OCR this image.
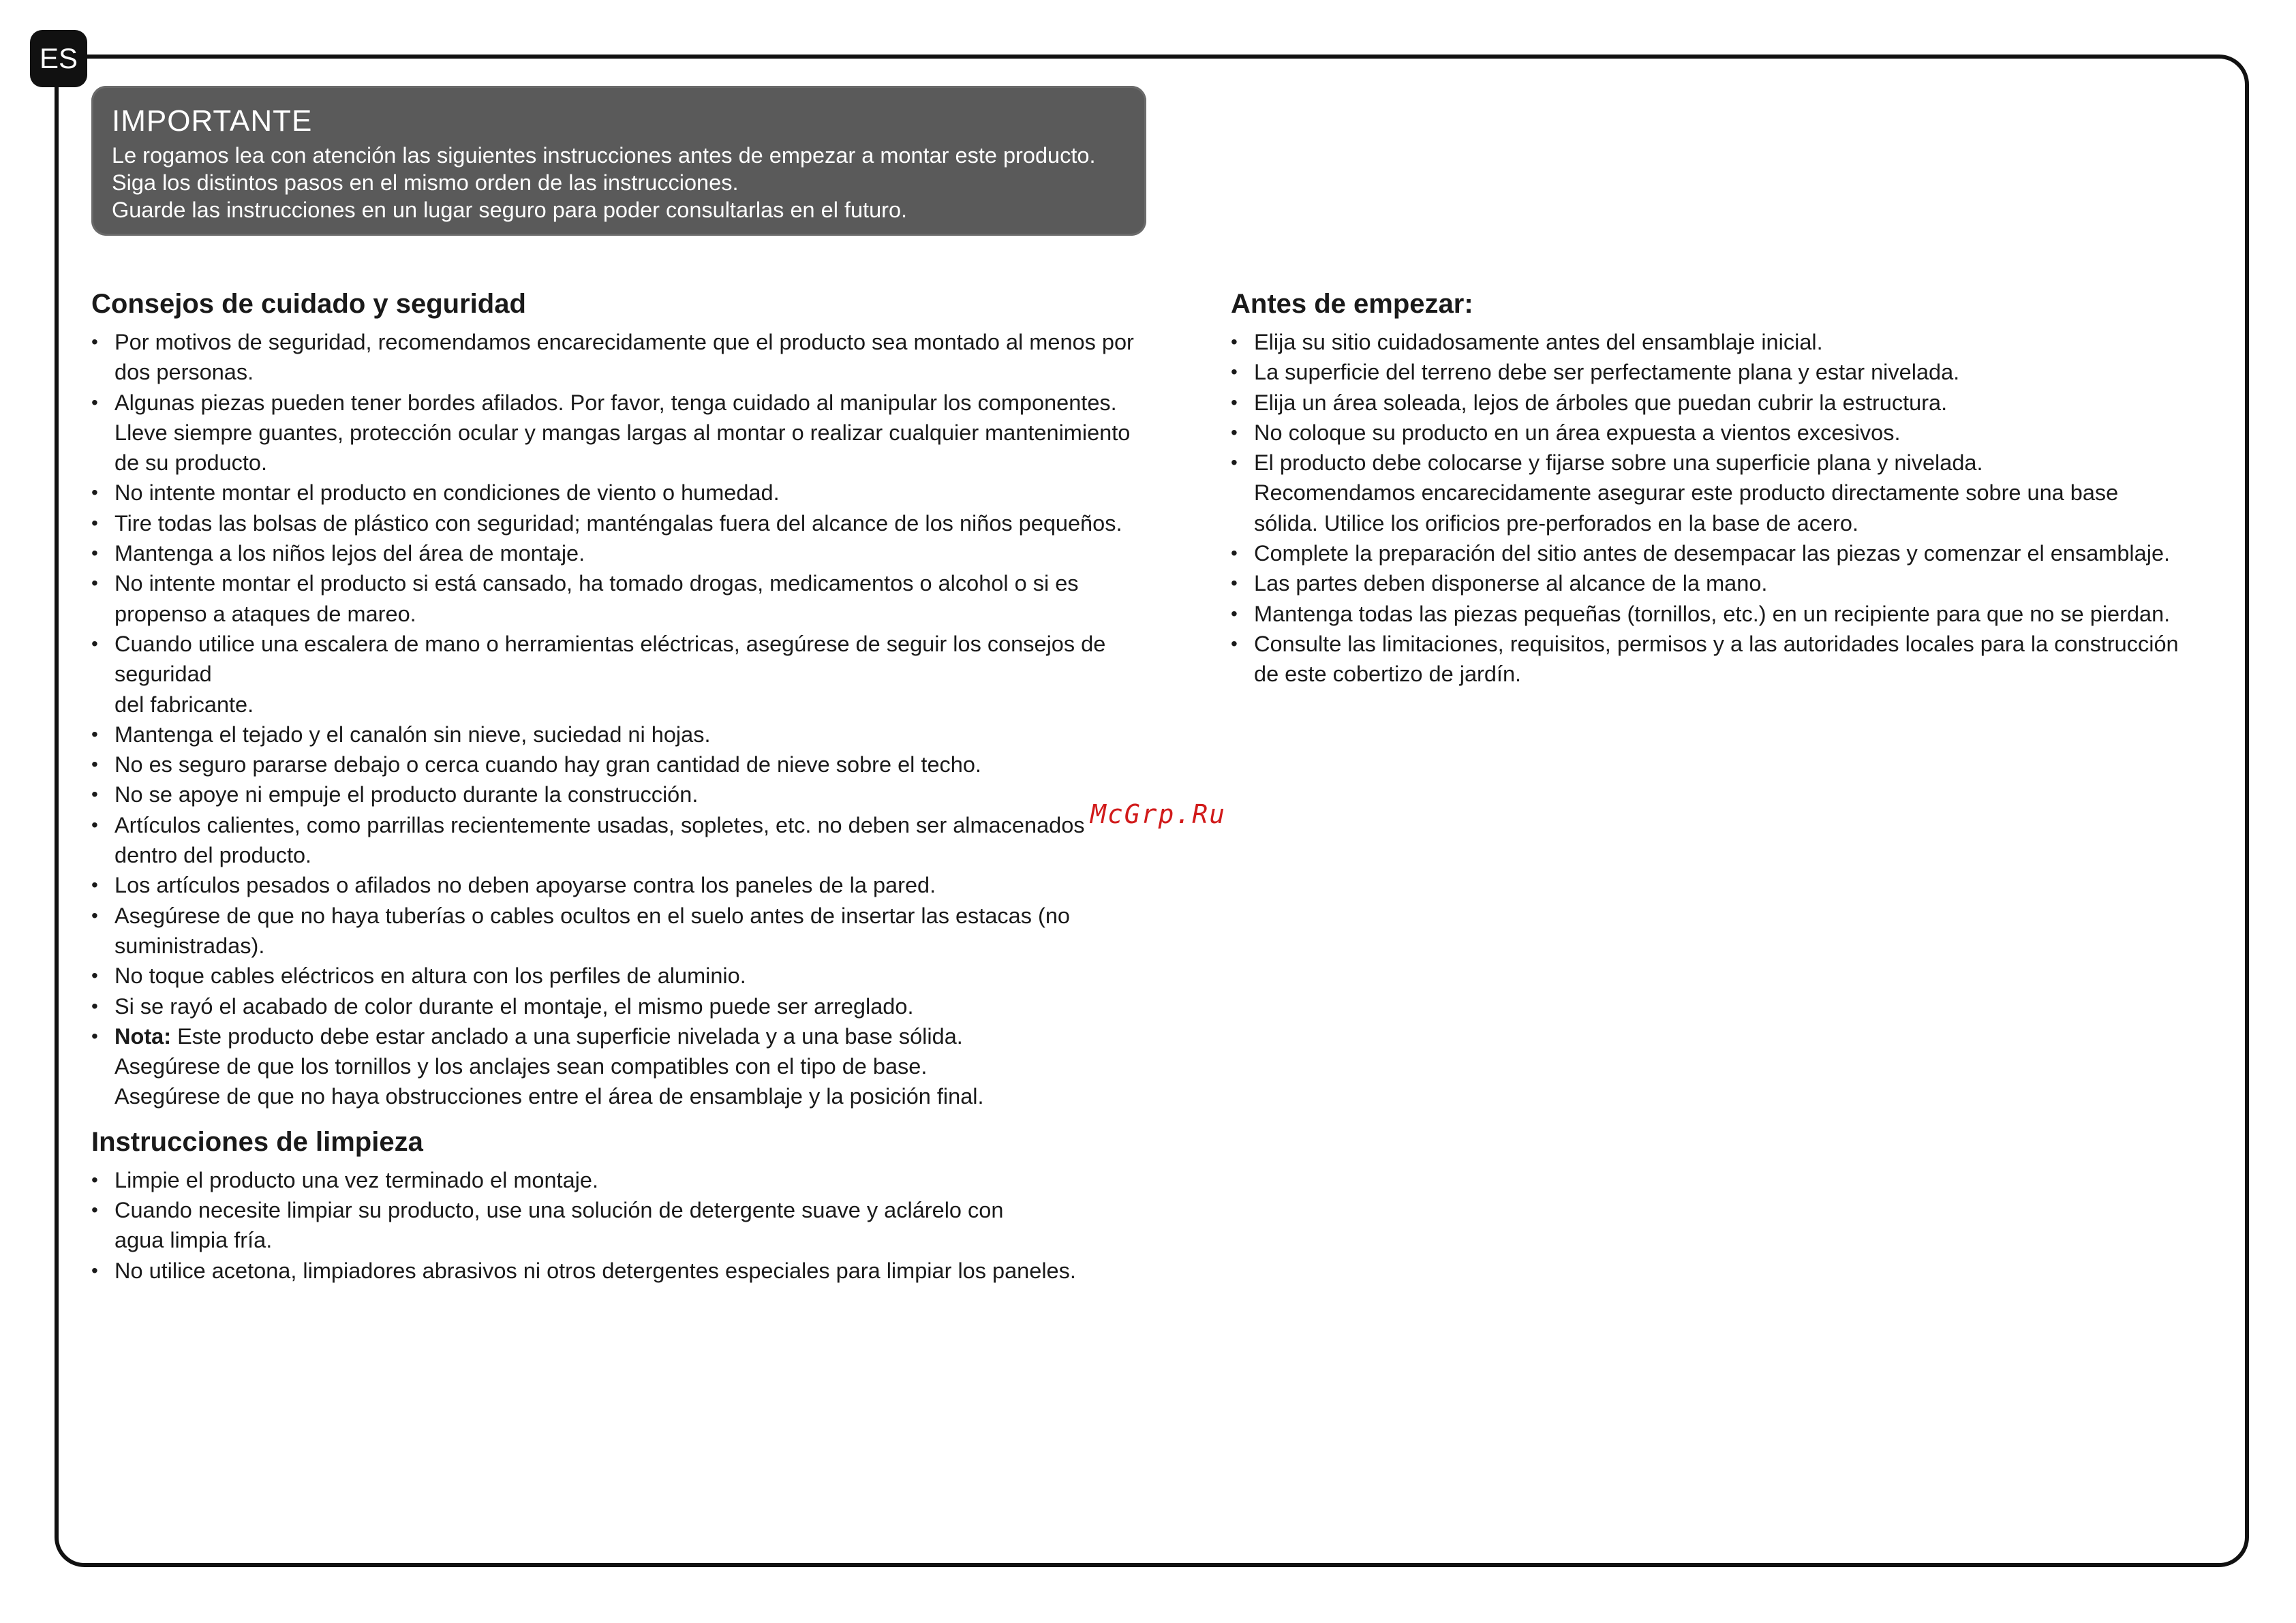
ES
IMPORTANTE
Le rogamos lea con atención las siguientes instrucciones antes de empezar a montar este producto.
Siga los distintos pasos en el mismo orden de las instrucciones.
Guarde las instrucciones en un lugar seguro para poder consultarlas en el futuro.
Consejos de cuidado y seguridad
• Por motivos de seguridad, recomendamos encarecidamente que el producto sea montado al menos por
dos personas.
• Algunas piezas pueden tener bordes afilados. Por favor, tenga cuidado al manipular los componentes.
Lleve siempre guantes, protección ocular y mangas largas al montar o realizar cualquier mantenimiento
de su producto.
• No intente montar el producto en condiciones de viento o humedad.
• Tire todas las bolsas de plástico con seguridad; manténgalas fuera del alcance de los niños pequeños.
• Mantenga a los niños lejos del área de montaje.
• No intente montar el producto si está cansado, ha tomado drogas, medicamentos o alcohol o si es
propenso a ataques de mareo.
• Cuando utilice una escalera de mano o herramientas eléctricas, asegúrese de seguir los consejos de
seguridad
del fabricante.
• Mantenga el tejado y el canalón sin nieve, suciedad ni hojas.
• No es seguro pararse debajo o cerca cuando hay gran cantidad de nieve sobre el techo.
• No se apoye ni empuje el producto durante la construcción.
• Artículos calientes, como parrillas recientemente usadas, sopletes, etc. no deben ser almacenados
dentro del producto.
• Los artículos pesados o afilados no deben apoyarse contra los paneles de la pared.
• Asegúrese de que no haya tuberías o cables ocultos en el suelo antes de insertar las estacas (no
suministradas).
• No toque cables eléctricos en altura con los perfiles de aluminio.
• Si se rayó el acabado de color durante el montaje, el mismo puede ser arreglado.
• Nota: Este producto debe estar anclado a una superficie nivelada y a una base sólida.
Asegúrese de que los tornillos y los anclajes sean compatibles con el tipo de base.
Asegúrese de que no haya obstrucciones entre el área de ensamblaje y la posición final.
Instrucciones de limpieza
• Limpie el producto una vez terminado el montaje.
• Cuando necesite limpiar su producto, use una solución de detergente suave y aclárelo con
agua limpia fría.
• No utilice acetona, limpiadores abrasivos ni otros detergentes especiales para limpiar los paneles.
Antes de empezar:
• Elija su sitio cuidadosamente antes del ensamblaje inicial.
• La superficie del terreno debe ser perfectamente plana y estar nivelada.
• Elija un área soleada, lejos de árboles que puedan cubrir la estructura.
• No coloque su producto en un área expuesta a vientos excesivos.
• El producto debe colocarse y fijarse sobre una superficie plana y nivelada.
Recomendamos encarecidamente asegurar este producto directamente sobre una base
sólida. Utilice los orificios pre-perforados en la base de acero.
• Complete la preparación del sitio antes de desempacar las piezas y comenzar el ensamblaje.
• Las partes deben disponerse al alcance de la mano.
• Mantenga todas las piezas pequeñas (tornillos, etc.) en un recipiente para que no se pierdan.
• Consulte las limitaciones, requisitos, permisos y a las autoridades locales para la construcción
de este cobertizo de jardín.
McGrp.Ru
